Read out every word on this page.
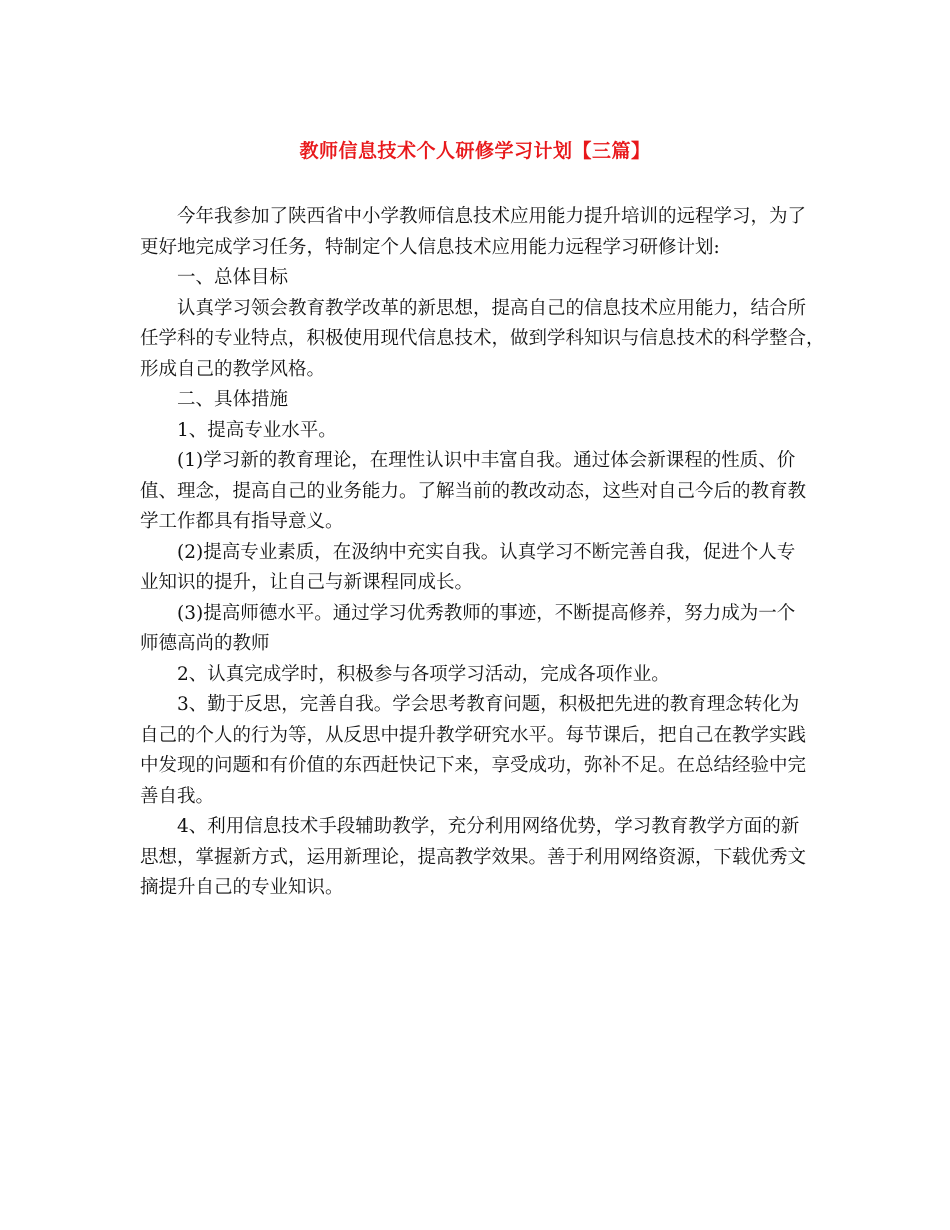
教师信息技术个人研修学习计划【三篇】
今年我参加了陕西省中小学教师信息技术应用能力提升培训的远程学习，为了
更好地完成学习任务，特制定个人信息技术应用能力远程学习研修计划:
一、总体目标
认真学习领会教育教学改革的新思想，提高自己的信息技术应用能力，结合所
任学科的专业特点，积极使用现代信息技术，做到学科知识与信息技术的科学整合，
形成自己的教学风格。
二、具体措施
1、提高专业水平。
(1)学习新的教育理论，在理性认识中丰富自我。通过体会新课程的性质、价
值、理念，提高自己的业务能力。了解当前的教改动态，这些对自己今后的教育教
学工作都具有指导意义。
(2)提高专业素质，在汲纳中充实自我。认真学习不断完善自我，促进个人专
业知识的提升，让自己与新课程同成长。
(3)提高师德水平。通过学习优秀教师的事迹，不断提高修养，努力成为一个
师德高尚的教师
2、认真完成学时，积极参与各项学习活动，完成各项作业。
3、勤于反思，完善自我。学会思考教育问题，积极把先进的教育理念转化为
自己的个人的行为等，从反思中提升教学研究水平。每节课后，把自己在教学实践
中发现的问题和有价值的东西赶快记下来，享受成功，弥补不足。在总结经验中完
善自我。
4、利用信息技术手段辅助教学，充分利用网络优势，学习教育教学方面的新
思想，掌握新方式，运用新理论，提高教学效果。善于利用网络资源，下载优秀文
摘提升自己的专业知识。
